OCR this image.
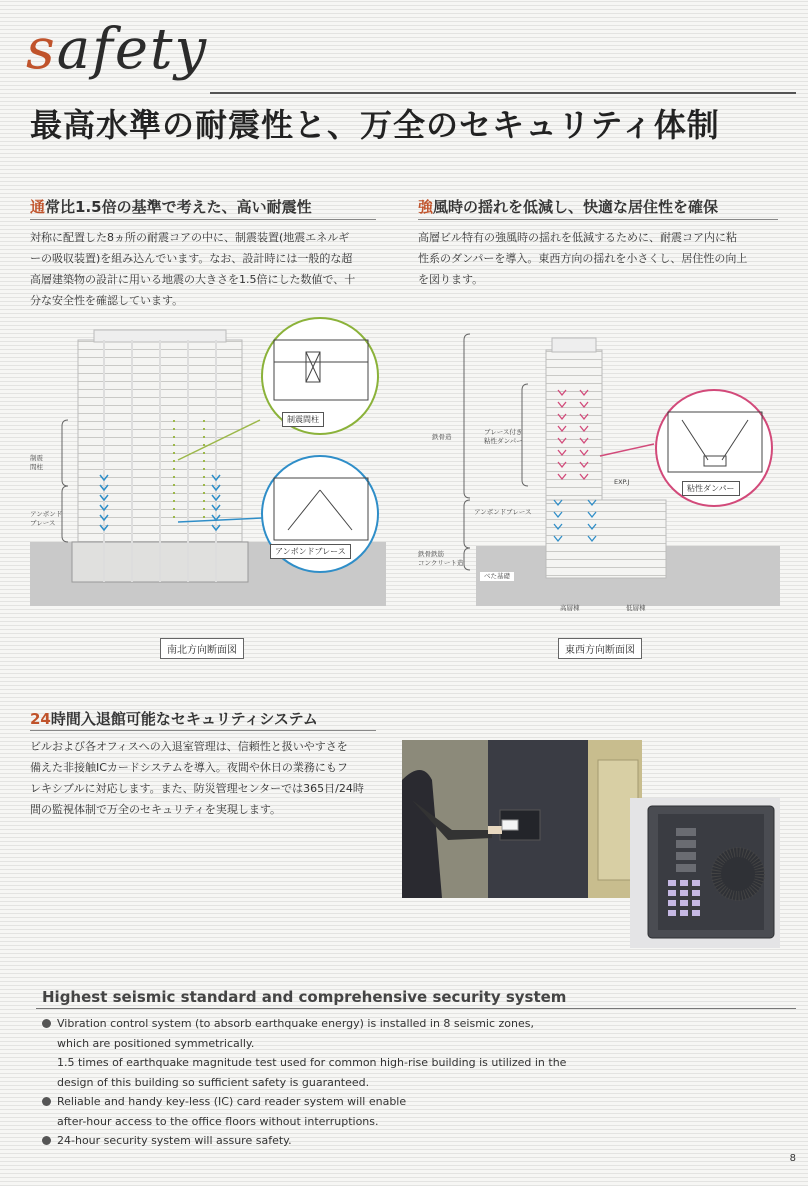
safety
最高水準の耐震性と、万全のセキュリティ体制
通常比1.5倍の基準で考えた、高い耐震性
対称に配置した8ヵ所の耐震コアの中に、制震装置(地震エネルギ
ーの吸収装置)を組み込んでいます。なお、設計時には一般的な超
高層建築物の設計に用いる地震の大きさを1.5倍にした数値で、十
分な安全性を確認しています。
強風時の揺れを低減し、快適な居住性を確保
高層ビル特有の強風時の揺れを低減するために、耐震コア内に粘
性系のダンパーを導入。東西方向の揺れを小さくし、居住性の向上
を図ります。
制震間柱
アンボンドブレース
制震
間柱
アンボンド
ブレース
南北方向断面図
鉄骨造
ブレース付き
粘性ダンパー
アンボンドブレース
鉄骨鉄筋
コンクリート造
べた基礎
EXP.J
粘性ダンパー
高層棟	低層棟
東西方向断面図
24時間入退館可能なセキュリティシステム
ビルおよび各オフィスへの入退室管理は、信頼性と扱いやすさを
備えた非接触ICカードシステムを導入。夜間や休日の業務にもフ
レキシブルに対応します。また、防災管理センターでは365日/24時
間の監視体制で万全のセキュリティを実現します。
Highest seismic standard and comprehensive security system
Vibration control system (to absorb earthquake energy) is installed in 8 seismic zones,
which are positioned symmetrically.
1.5 times of earthquake magnitude test used for common high-rise building is utilized in the
design of this building so sufficient safety is guaranteed.
Reliable and handy key-less (IC) card reader system will enable
after-hour access to the office floors without interruptions.
24-hour security system will assure safety.
8
